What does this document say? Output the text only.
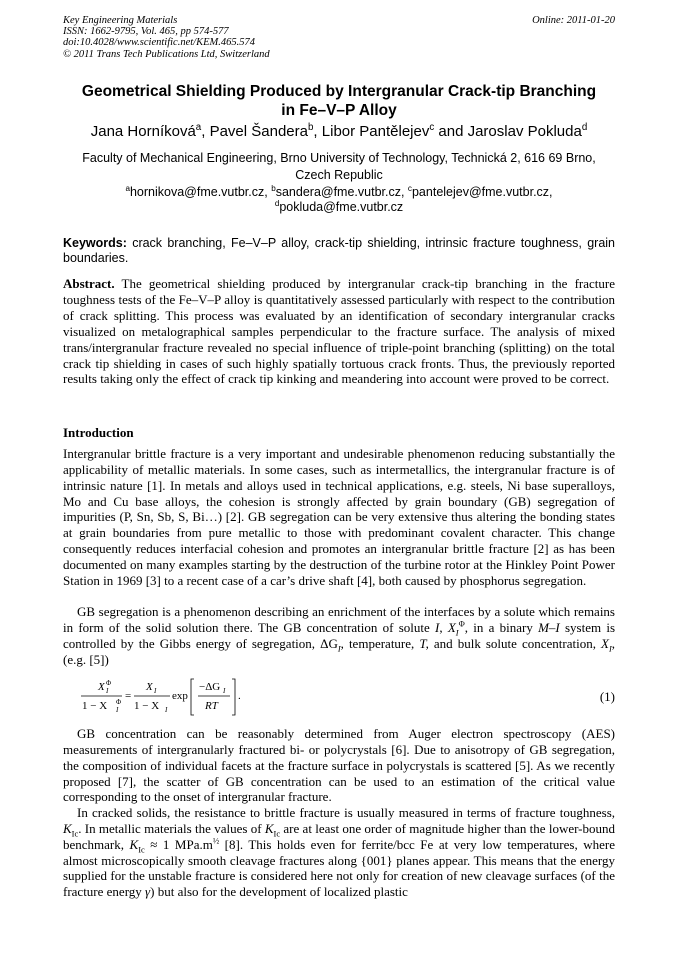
Key Engineering Materials
ISSN: 1662-9795, Vol. 465, pp 574-577
doi:10.4028/www.scientific.net/KEM.465.574
© 2011 Trans Tech Publications Ltd, Switzerland
Online: 2011-01-20
Geometrical Shielding Produced by Intergranular Crack-tip Branching
in Fe–V–P Alloy
Jana Horníková$^a$, Pavel Šandera$^b$, Libor Pantělejev$^c$ and Jaroslav Pokluda$^d$
Faculty of Mechanical Engineering, Brno University of Technology, Technická 2, 616 69 Brno,
Czech Republic
$^a$hornikova@fme.vutbr.cz, $^b$sandera@fme.vutbr.cz, $^c$pantelejev@fme.vutbr.cz,
$^d$pokluda@fme.vutbr.cz
Keywords: crack branching, Fe–V–P alloy, crack-tip shielding, intrinsic fracture toughness, grain boundaries.
Abstract. The geometrical shielding produced by intergranular crack-tip branching in the fracture toughness tests of the Fe–V–P alloy is quantitatively assessed particularly with respect to the contribution of crack splitting. This process was evaluated by an identification of secondary intergranular cracks visualized on metalographical samples perpendicular to the fracture surface. The analysis of mixed trans/intergranular fracture revealed no special influence of triple-point branching (splitting) on the total crack tip shielding in cases of such highly spatially tortuous crack fronts. Thus, the previously reported results taking only the effect of crack tip kinking and meandering into account were proved to be correct.
Introduction
Intergranular brittle fracture is a very important and undesirable phenomenon reducing substantially the applicability of metallic materials. In some cases, such as intermetallics, the intergranular fracture is of intrinsic nature [1]. In metals and alloys used in technical applications, e.g. steels, Ni base superalloys, Mo and Cu base alloys, the cohesion is strongly affected by grain boundary (GB) segregation of impurities (P, Sn, Sb, S, Bi…) [2]. GB segregation can be very extensive thus altering the bonding states at grain boundaries from pure metallic to those with predominant covalent character. This change consequently reduces interfacial cohesion and promotes an intergranular brittle fracture [2] as has been documented on many examples starting by the destruction of the turbine rotor at the Hinkley Point Power Station in 1969 [3] to a recent case of a car’s drive shaft [4], both caused by phosphorus segregation.
GB segregation is a phenomenon describing an enrichment of the interfaces by a solute which remains in form of the solid solution there. The GB concentration of solute I, $X_I^\Phi$, in a binary M–I system is controlled by the Gibbs energy of segregation, $\Delta G_I$, temperature, T, and bulk solute concentration, $X_I$, (e.g. [5])
X I
Φ
1 − X I
Φ =
X I
1 − X I
exp
−ΔG I
RT
.	(1)
GB concentration can be reasonably determined from Auger electron spectroscopy (AES) measurements of intergranularly fractured bi- or polycrystals [6]. Due to anisotropy of GB segregation, the composition of individual facets at the fracture surface in polycrystals is scattered [5]. As we recently proposed [7], the scatter of GB concentration can be used to an estimation of the critical value corresponding to the onset of intergranular fracture.
In cracked solids, the resistance to brittle fracture is usually measured in terms of fracture toughness, $K_{Ic}$. In metallic materials the values of $K_{Ic}$ are at least one order of magnitude higher than the lower-bound benchmark, $K_{Ic} \approx 1$ $MPa.m^{\frac{1}{2}}$ [8]. This holds even for ferrite/bcc Fe at very low temperatures, where almost microscopically smooth cleavage fractures along {001} planes appear. This means that the energy supplied for the unstable fracture is considered here not only for creation of new cleavage surfaces (of the fracture energy γ) but also for the development of localized plastic
